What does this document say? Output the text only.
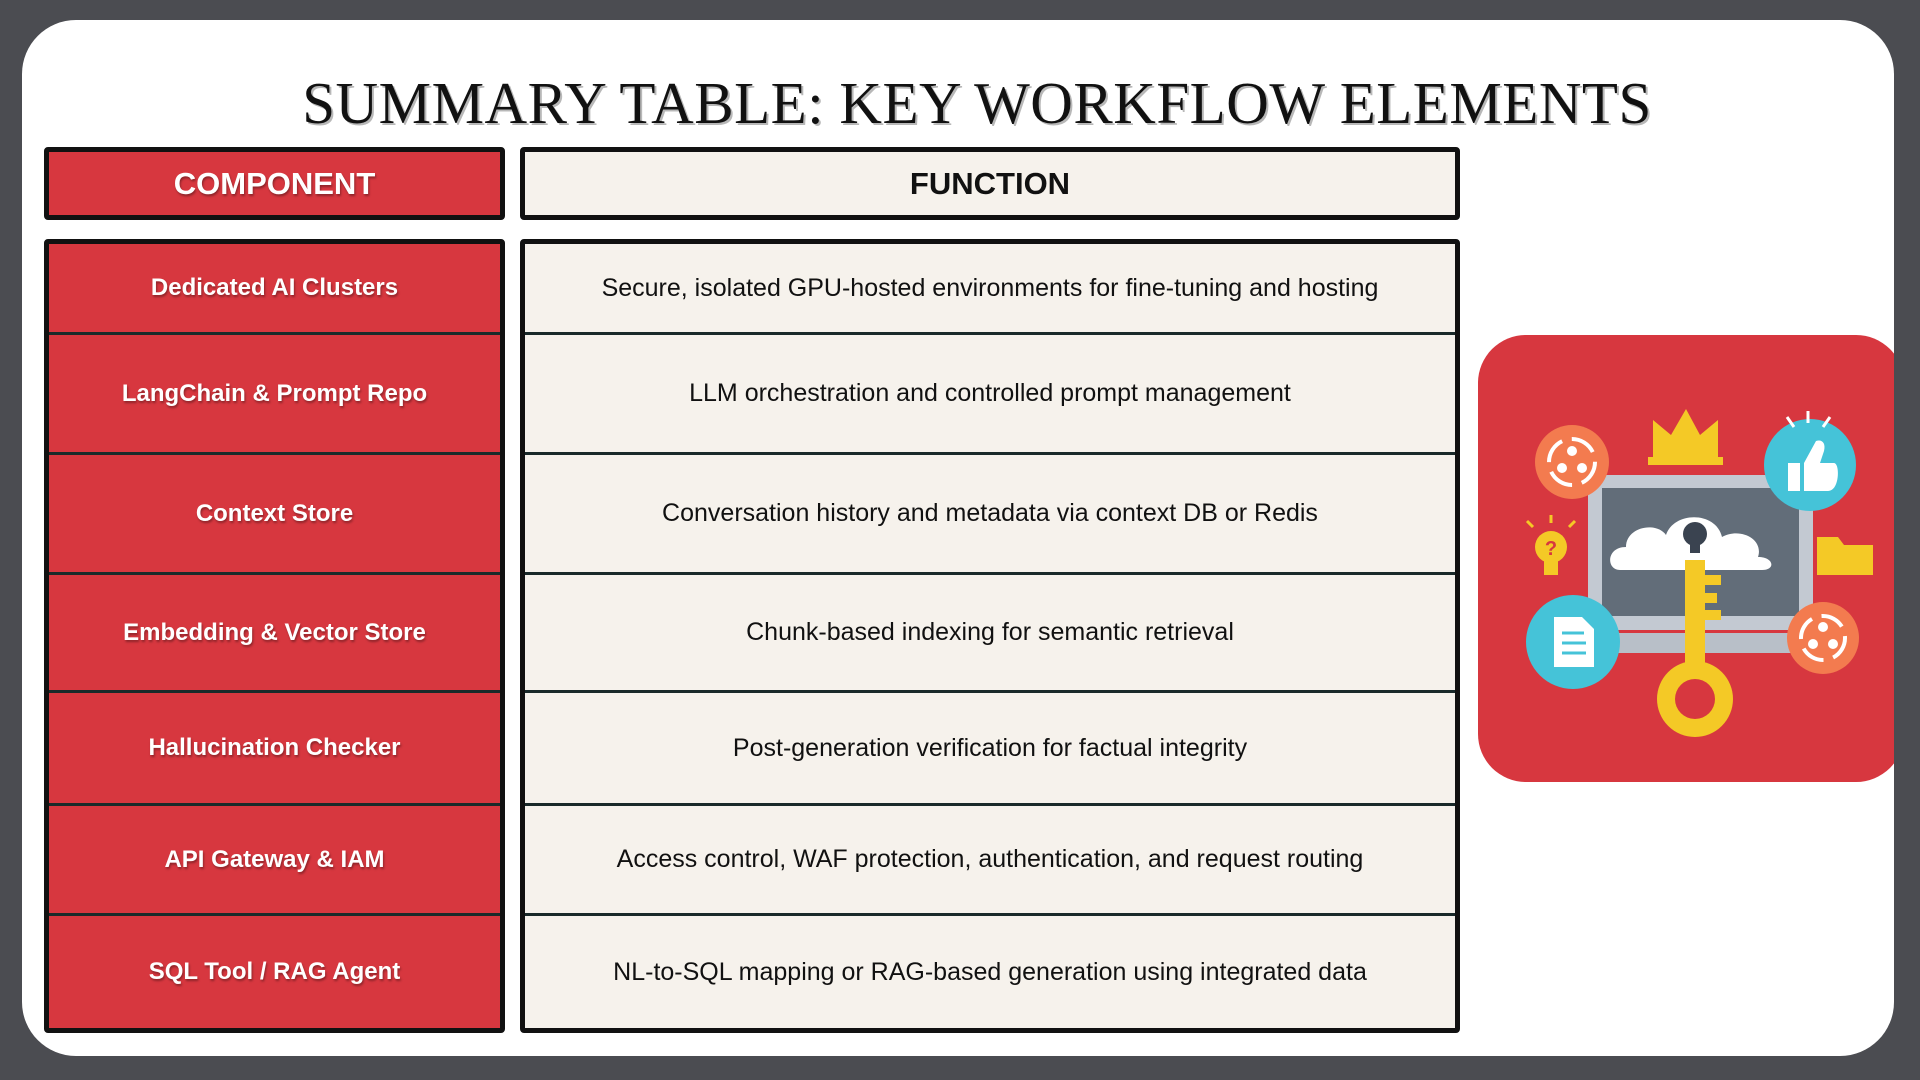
SUMMARY TABLE: KEY WORKFLOW ELEMENTS
COMPONENT	FUNCTION
Dedicated AI Clusters
LangChain & Prompt Repo
Context Store
Embedding & Vector Store
Hallucination Checker
API Gateway & IAM
SQL Tool / RAG Agent
Secure, isolated GPU-hosted environments for fine-tuning and hosting
LLM orchestration and controlled prompt management
Conversation history and metadata via context DB or Redis
Chunk-based indexing for semantic retrieval
Post-generation verification for factual integrity
Access control, WAF protection, authentication, and request routing
NL-to-SQL mapping or RAG-based generation using integrated data
?
